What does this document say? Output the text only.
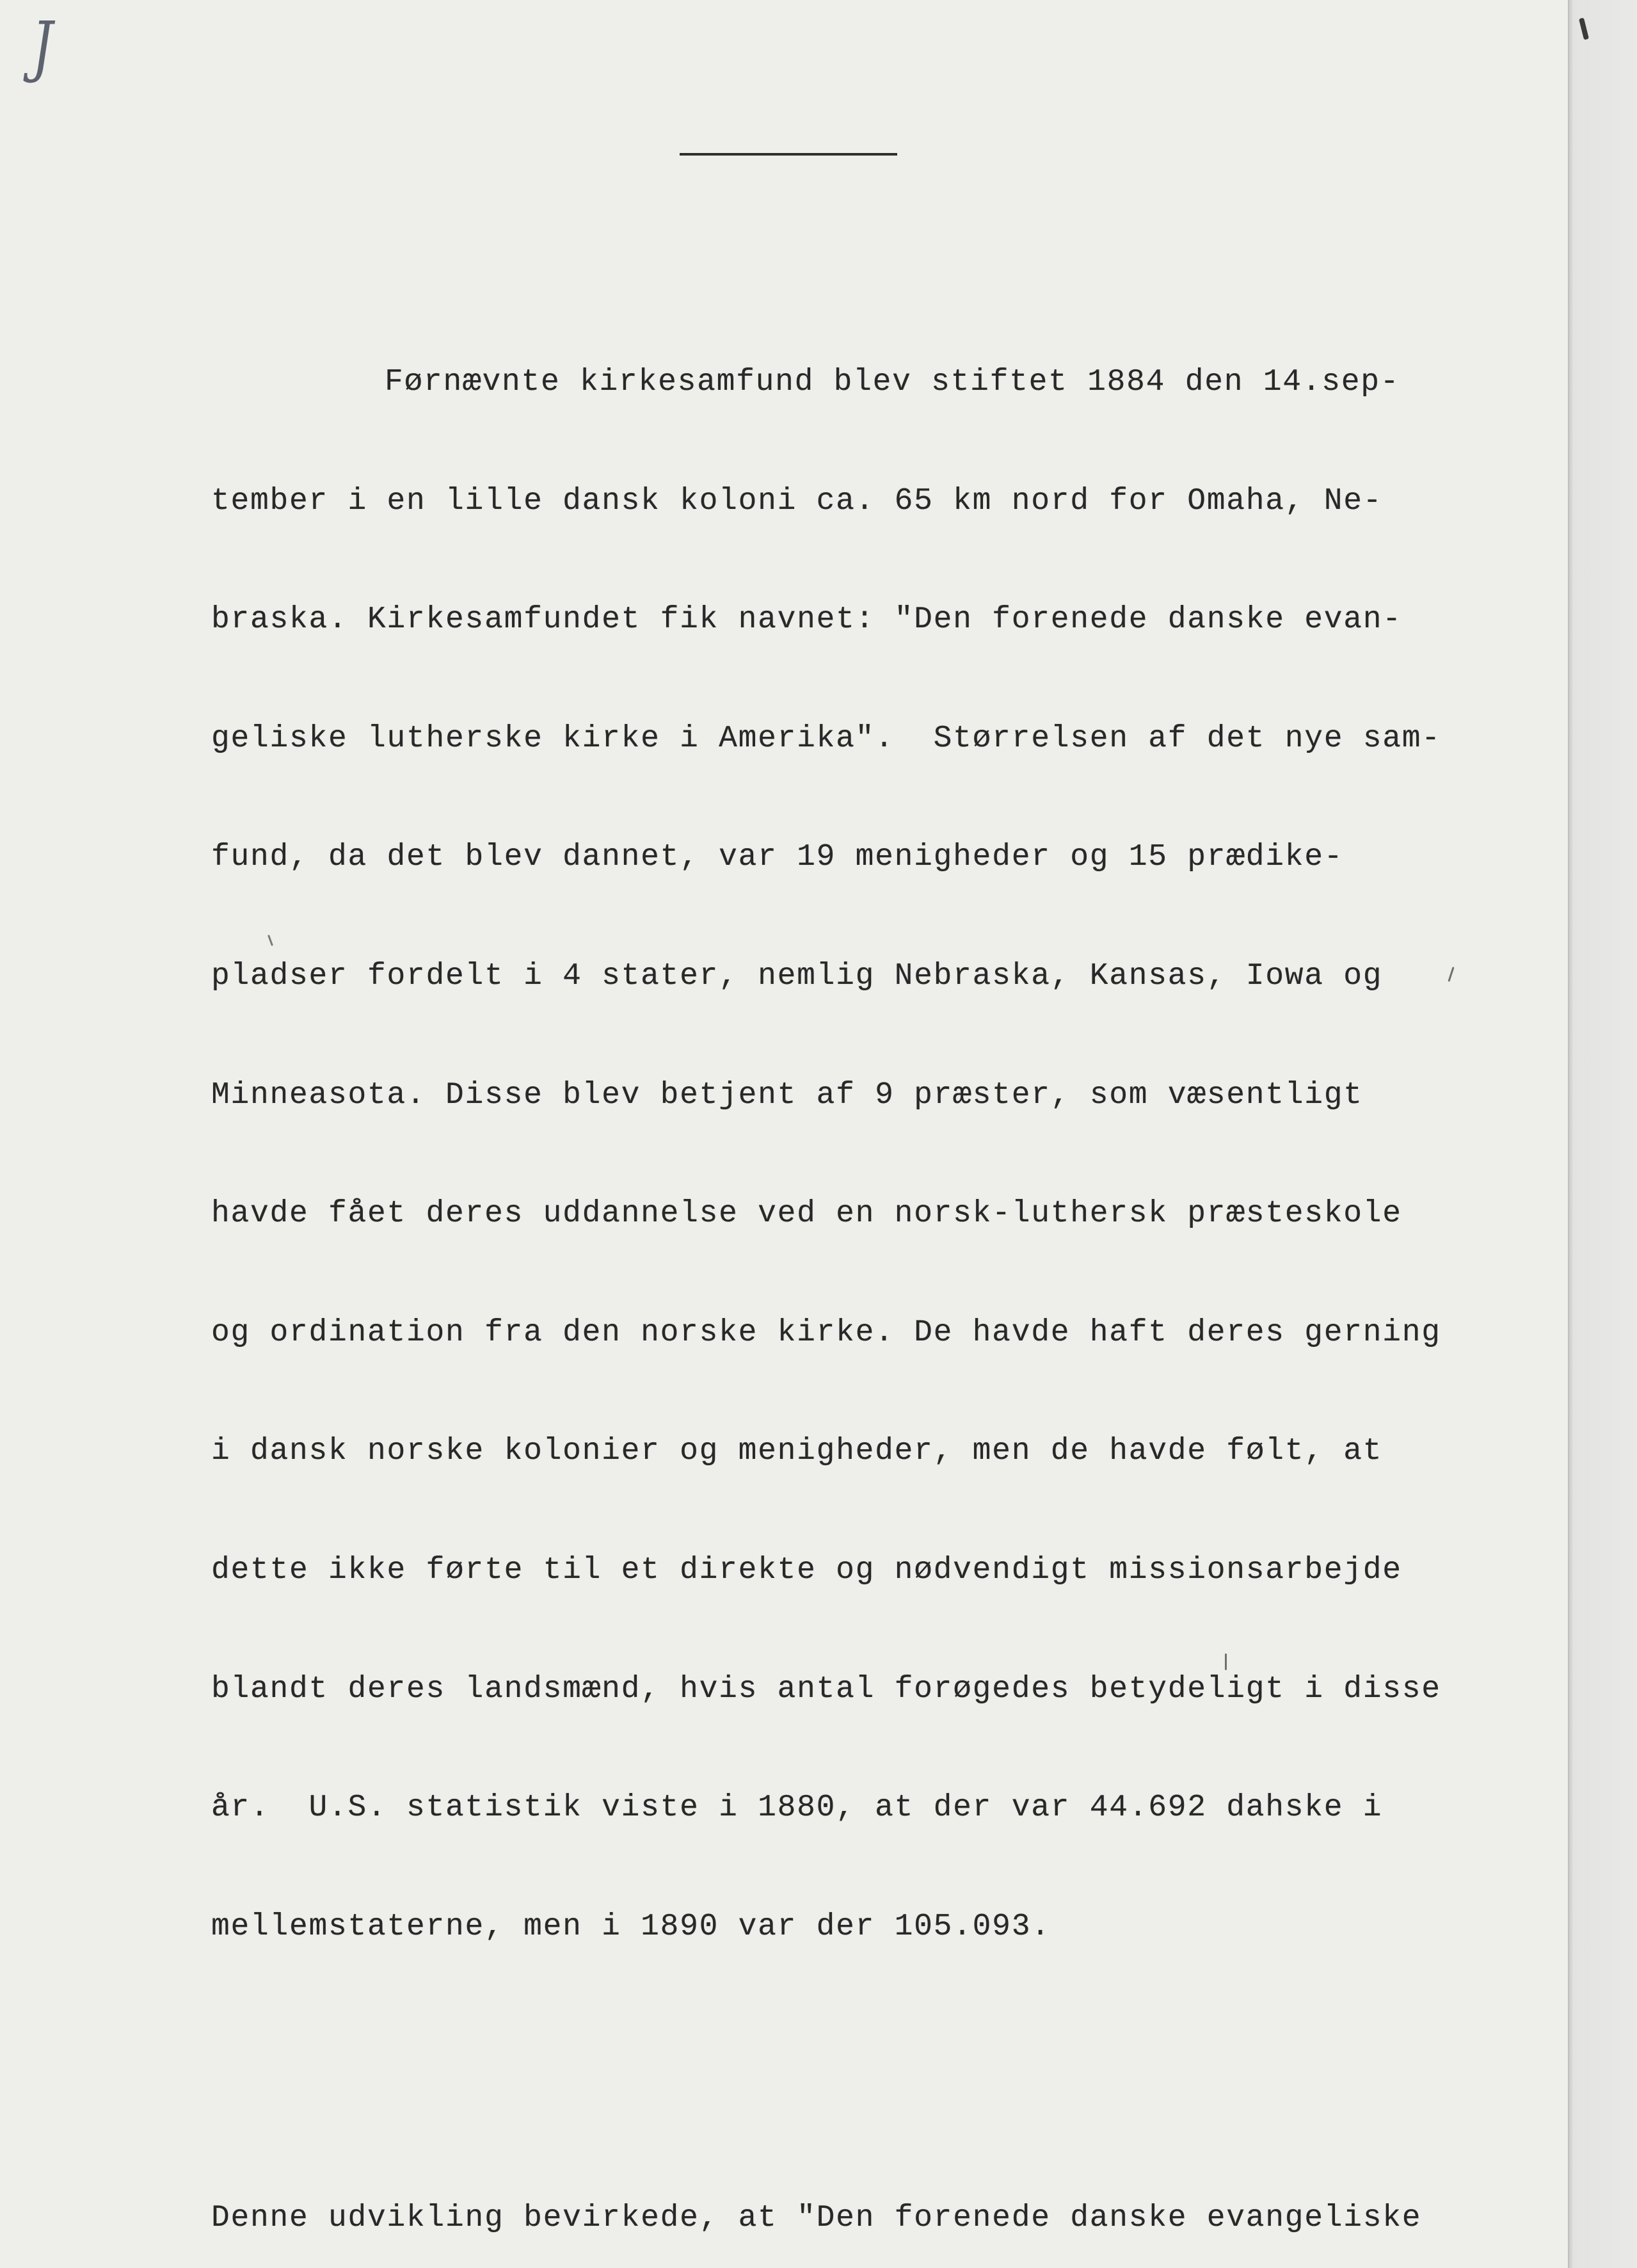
J

Førnævnte kirkesamfund blev stiftet 1884 den 14.sep-

tember i en lille dansk koloni ca. 65 km nord for Omaha, Ne-

braska. Kirkesamfundet fik navnet: "Den forenede danske evan-

geliske lutherske kirke i Amerika".  Størrelsen af det nye sam-

fund, da det blev dannet, var 19 menigheder og 15 prædike-

pladser fordelt i 4 stater, nemlig Nebraska, Kansas, Iowa og

Minneasota. Disse blev betjent af 9 præster, som væsentligt

havde fået deres uddannelse ved en norsk-luthersk præsteskole

og ordination fra den norske kirke. De havde haft deres gerning

i dansk norske kolonier og menigheder, men de havde følt, at

dette ikke førte til et direkte og nødvendigt missionsarbejde

blandt deres landsmænd, hvis antal forøgedes betydeligt i disse

år.  U.S. statistik viste i 1880, at der var 44.692 dahske i

mellemstaterne, men i 1890 var der 105.093.

Denne udvikling bevirkede, at "Den forenede danske evangeliske
